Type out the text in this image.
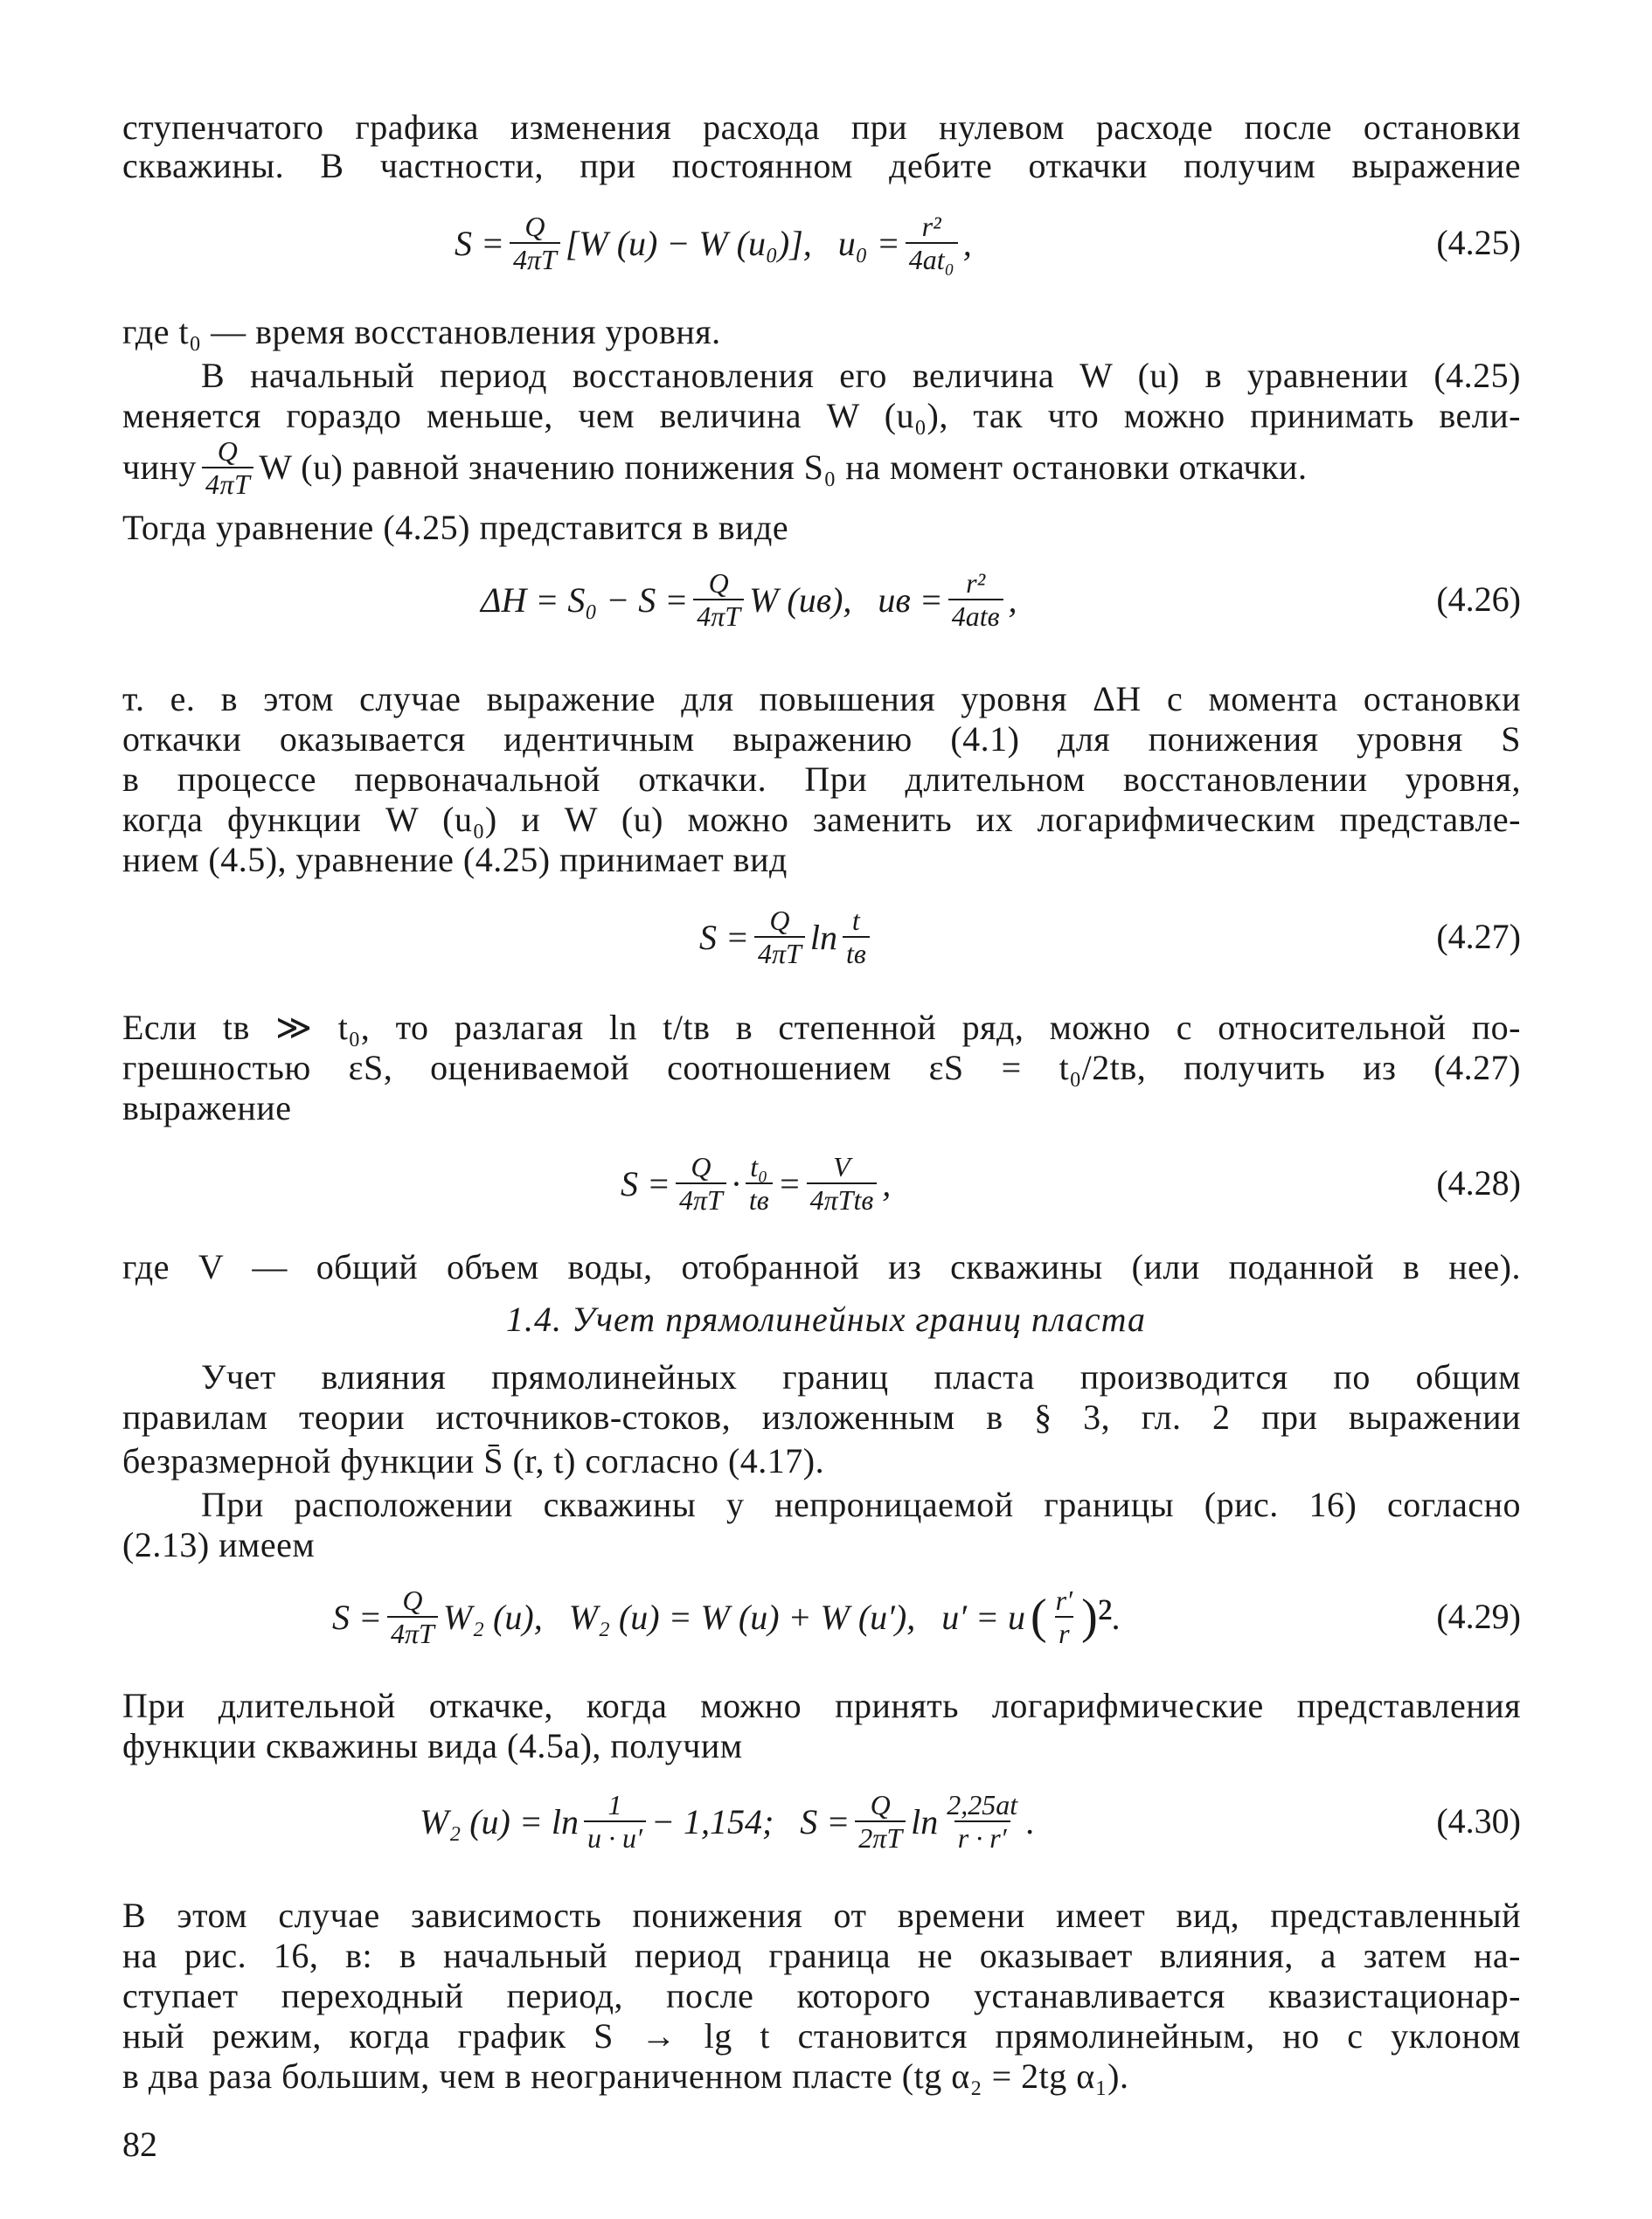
ступенчатого графика изменения расхода при нулевом расходе после остановки
скважины. В частности, при постоянном дебите откачки получим выражение
$S = \frac{Q}{4\pi T} [W$ (u) − W (u₀)],   $u_0 = \frac{\text{r²}}{\text{4at₀}}$ ,	(4.25)
где t₀ — время восстановления уровня.
В начальный период восстановления его величина W (u) в уравнении (4.25)
меняется гораздо меньше, чем величина W (u₀), так что можно принимать вели-
чину $\frac{Q}{4\pi T}$ W (u) равной значению понижения S₀ на момент остановки откачки.
Тогда уравнение (4.25) представится в виде
$\Delta H = S_0 - S = \frac{Q}{4\pi T}$ W (uв),   uв = $\frac{\text{r²}}{\text{4atв}}$ ,	(4.26)
т. е. в этом случае выражение для повышения уровня ΔH с момента остановки
откачки оказывается идентичным выражению (4.1) для понижения уровня S
в процессе первоначальной откачки. При длительном восстановлении уровня,
когда функции W (u₀) и W (u) можно заменить их логарифмическим представле-
нием (4.5), уравнение (4.25) принимает вид
$S = \frac{Q}{4\pi T}$ $\ln \frac{t}{tв}$	(4.27)
Если tв ≫ t₀, то разлагая ln t/tв в степенной ряд, можно с относительной по-
грешностью εS, оцениваемой соотношением εS = t₀/2tв, получить из (4.27)
выражение
$S = \frac{Q}{4\pi T} \cdot \frac{\text{t₀}}{tв} = \frac{V}{\text{4πTtв}}$ ,	(4.28)
где V — общий объем воды, отобранной из скважины (или поданной в нее).
1.4. Учет прямолинейных границ пласта
Учет влияния прямолинейных границ пласта производится по общим
правилам теории источников-стоков, изложенным в § 3, гл. 2 при выражении
безразмерной функции S̄ (r, t) согласно (4.17).
При расположении скважины у непроницаемой границы (рис. 16) согласно
(2.13) имеем
$S = \frac{Q}{4\pi T} W_2$ (u),   W₂ (u) = W (u) + W (u′),   u′ = u ( $\frac{r'}{r} )^2$ .	(4.29)
При длительной откачке, когда можно принять логарифмические представления
функции скважины вида (4.5а), получим
W₂ $(u) = \ln \frac{1}{u \cdot u'} - 1,154$;   $S = \frac{Q}{2\pi T}$ $\ln \frac{2,25at}{r \cdot r'}$ .	(4.30)
В этом случае зависимость понижения от времени имеет вид, представленный
на рис. 16, в: в начальный период граница не оказывает влияния, а затем на-
ступает переходный период, после которого устанавливается квазистационар-
ный режим, когда график S → lg t становится прямолинейным, но с уклоном
в два раза большим, чем в неограниченном пласте (tg α₂ = 2tg α₁).
82
